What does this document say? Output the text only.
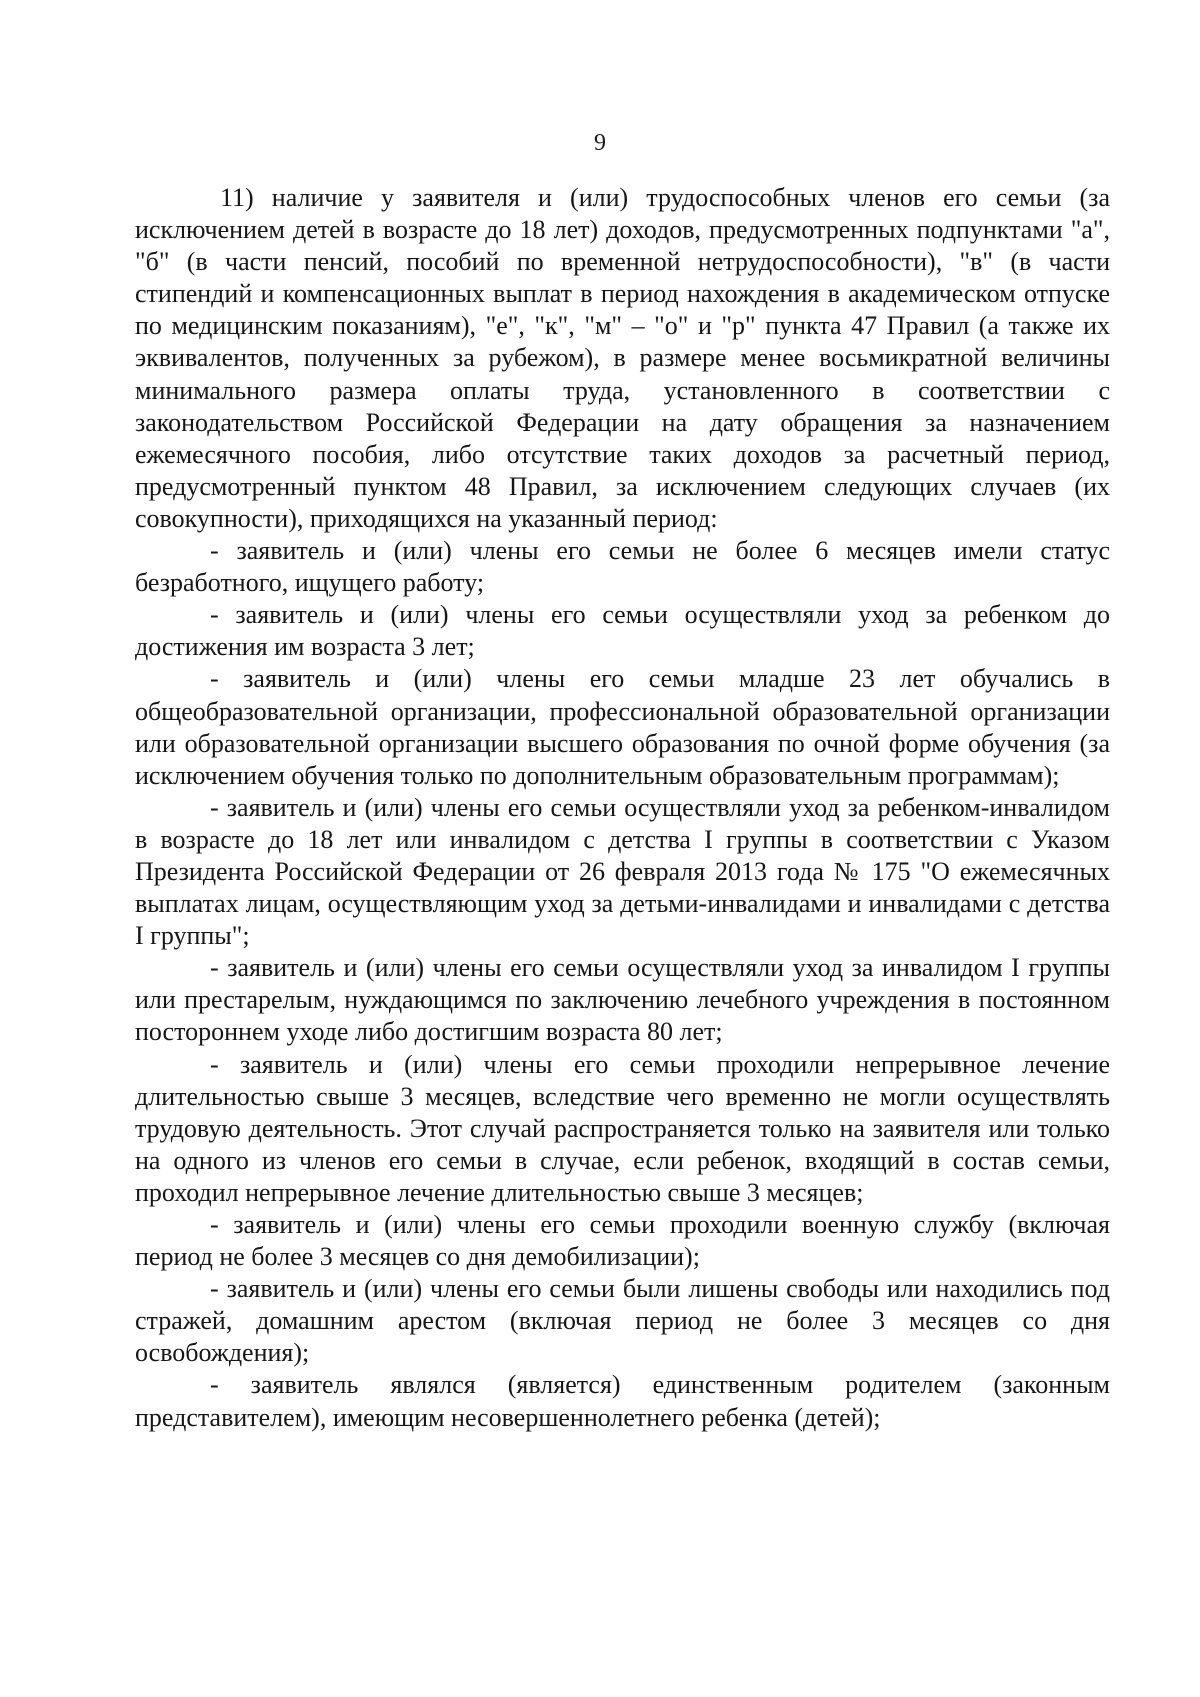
9

11) наличие у заявителя и (или) трудоспособных членов его семьи (за исключением детей в возрасте до 18 лет) доходов, предусмотренных подпунктами "а", "б" (в части пенсий, пособий по временной нетрудоспособности), "в" (в части стипендий и компенсационных выплат в период нахождения в академическом отпуске по медицинским показаниям), "е", "к", "м" – "о" и "р" пункта 47 Правил (а также их эквивалентов, полученных за рубежом), в размере менее восьмикратной величины минимального размера оплаты труда, установленного в соответствии с законодательством Российской Федерации на дату обращения за назначением ежемесячного пособия, либо отсутствие таких доходов за расчетный период, предусмотренный пунктом 48 Правил, за исключением следующих случаев (их совокупности), приходящихся на указанный период:

- заявитель и (или) члены его семьи не более 6 месяцев имели статус безработного, ищущего работу;

- заявитель и (или) члены его семьи осуществляли уход за ребенком до достижения им возраста 3 лет;

- заявитель и (или) члены его семьи младше 23 лет обучались в общеобразовательной организации, профессиональной образовательной организации или образовательной организации высшего образования по очной форме обучения (за исключением обучения только по дополнительным образовательным программам);

- заявитель и (или) члены его семьи осуществляли уход за ребенком-инвалидом в возрасте до 18 лет или инвалидом с детства I группы в соответствии с Указом Президента Российской Федерации от 26 февраля 2013 года № 175 "О ежемесячных выплатах лицам, осуществляющим уход за детьми-инвалидами и инвалидами с детства I группы";

- заявитель и (или) члены его семьи осуществляли уход за инвалидом I группы или престарелым, нуждающимся по заключению лечебного учреждения в постоянном постороннем уходе либо достигшим возраста 80 лет;

- заявитель и (или) члены его семьи проходили непрерывное лечение длительностью свыше 3 месяцев, вследствие чего временно не могли осуществлять трудовую деятельность. Этот случай распространяется только на заявителя или только на одного из членов его семьи в случае, если ребенок, входящий в состав семьи, проходил непрерывное лечение длительностью свыше 3 месяцев;

- заявитель и (или) члены его семьи проходили военную службу (включая период не более 3 месяцев со дня демобилизации);

- заявитель и (или) члены его семьи были лишены свободы или находились под стражей, домашним арестом (включая период не более 3 месяцев со дня освобождения);

- заявитель являлся (является) единственным родителем (законным представителем), имеющим несовершеннолетнего ребенка (детей);
